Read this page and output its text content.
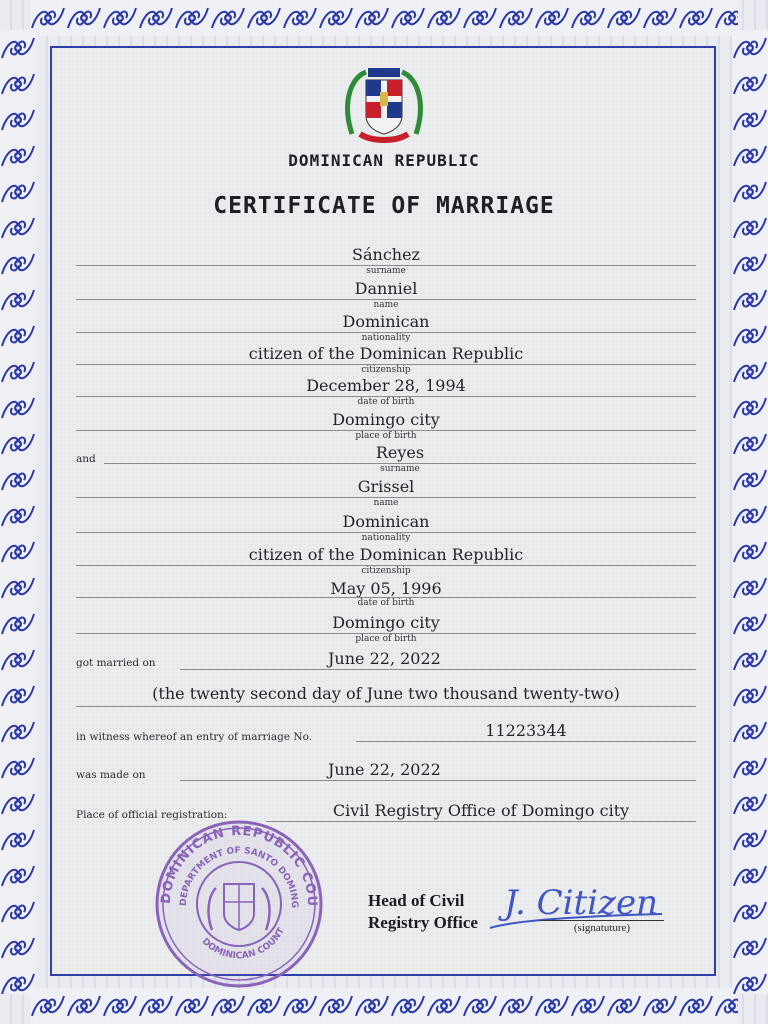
DOMINICAN REPUBLIC
CERTIFICATE OF MARRIAGE
Sánchez
surname
Danniel
name
Dominican
nationality
citizen of the Dominican Republic
citizenship
December 28, 1994
date of birth
Domingo city
place of birth
and	Reyes
surname
Grissel
name
Dominican
nationality
citizen of the Dominican Republic
citizenship
May 05, 1996
date of birth
Domingo city
place of birth
got married on	June 22, 2022
(the twenty second day of June two thousand twenty-two)
in witness whereof an entry of marriage No.	11223344
was made on	June 22, 2022
Place of official registration:	Civil Registry Office of Domingo city
DOMINICAN REPUBLIC COU
DEPARTMENT OF SANTO DOMING
DOMINICAN COUNT
Head of Civil
Registry Office J. Citizen
(signatuture)
